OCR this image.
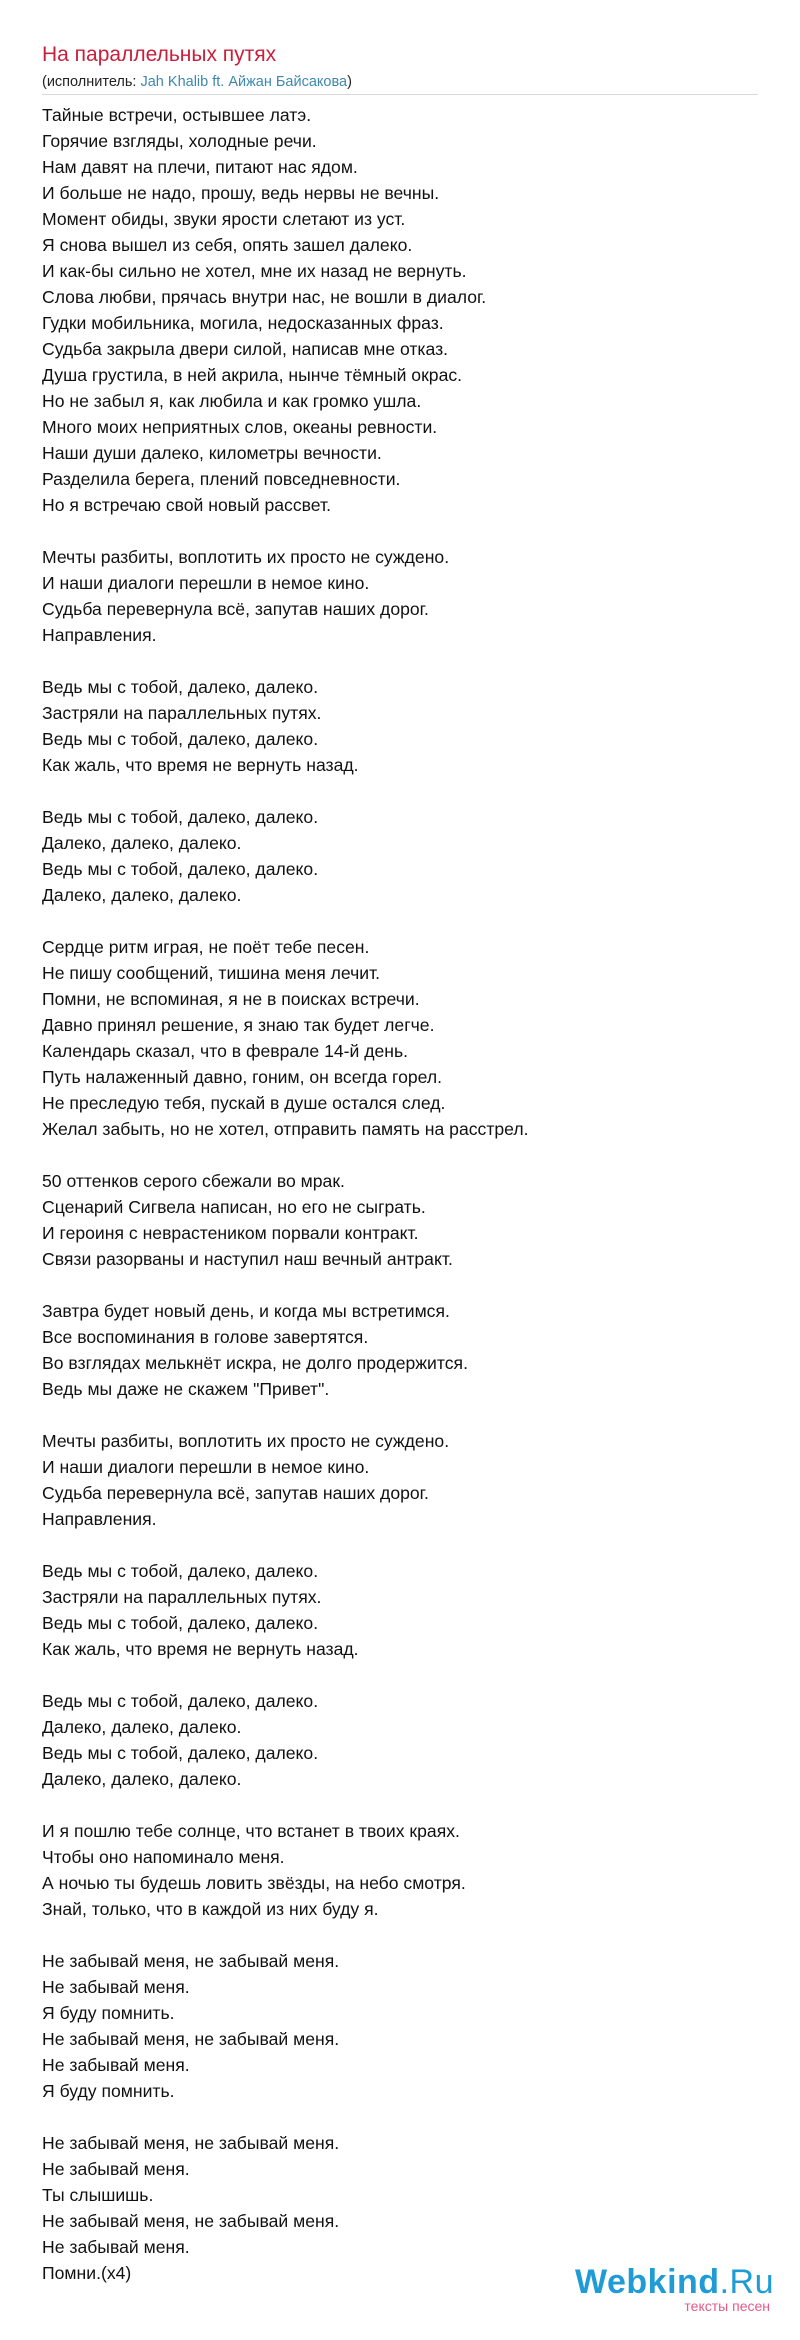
На параллельных путях
(исполнитель: Jah Khalib ft. Айжан Байсакова)
Тайные встречи, остывшее латэ.
Горячие взгляды, холодные речи.
Нам давят на плечи, питают нас ядом.
И больше не надо, прошу, ведь нервы не вечны.
Момент обиды, звуки ярости слетают из уст.
Я снова вышел из себя, опять зашел далеко.
И как-бы сильно не хотел, мне их назад не вернуть.
Слова любви, прячась внутри нас, не вошли в диалог.
Гудки мобильника, могила, недосказанных фраз.
Судьба закрыла двери силой, написав мне отказ.
Душа грустила, в ней акрила, нынче тёмный окрас.
Но не забыл я, как любила и как громко ушла.
Много моих неприятных слов, океаны ревности.
Наши души далеко, километры вечности.
Разделила берега, плений повседневности.
Но я встречаю свой новый рассвет.
Мечты разбиты, воплотить их просто не суждено.
И наши диалоги перешли в немое кино.
Судьба перевернула всё, запутав наших дорог.
Направления.
Ведь мы с тобой, далеко, далеко.
Застряли на параллельных путях.
Ведь мы с тобой, далеко, далеко.
Как жаль, что время не вернуть назад.
Ведь мы с тобой, далеко, далеко.
Далеко, далеко, далеко.
Ведь мы с тобой, далеко, далеко.
Далеко, далеко, далеко.
Сердце ритм играя, не поёт тебе песен.
Не пишу сообщений, тишина меня лечит.
Помни, не вспоминая, я не в поисках встречи.
Давно принял решение, я знаю так будет легче.
Календарь сказал, что в феврале 14-й день.
Путь налаженный давно, гоним, он всегда горел.
Не преследую тебя, пускай в душе остался след.
Желал забыть, но не хотел, отправить память на расстрел.
50 оттенков серого сбежали во мрак.
Сценарий Сигвела написан, но его не сыграть.
И героиня с неврастеником порвали контракт.
Связи разорваны и наступил наш вечный антракт.
Завтра будет новый день, и когда мы встретимся.
Все воспоминания в голове завертятся.
Во взглядах мелькнёт искра, не долго продержится.
Ведь мы даже не скажем "Привет".
Мечты разбиты, воплотить их просто не суждено.
И наши диалоги перешли в немое кино.
Судьба перевернула всё, запутав наших дорог.
Направления.
Ведь мы с тобой, далеко, далеко.
Застряли на параллельных путях.
Ведь мы с тобой, далеко, далеко.
Как жаль, что время не вернуть назад.
Ведь мы с тобой, далеко, далеко.
Далеко, далеко, далеко.
Ведь мы с тобой, далеко, далеко.
Далеко, далеко, далеко.
И я пошлю тебе солнце, что встанет в твоих краях.
Чтобы оно напоминало меня.
А ночью ты будешь ловить звёзды, на небо смотря.
Знай, только, что в каждой из них буду я.
Не забывай меня, не забывай меня.
Не забывай меня.
Я буду помнить.
Не забывай меня, не забывай меня.
Не забывай меня.
Я буду помнить.
Не забывай меня, не забывай меня.
Не забывай меня.
Ты слышишь.
Не забывай меня, не забывай меня.
Не забывай меня.
Помни.(x4)	Webkind.Ru
тексты песен
